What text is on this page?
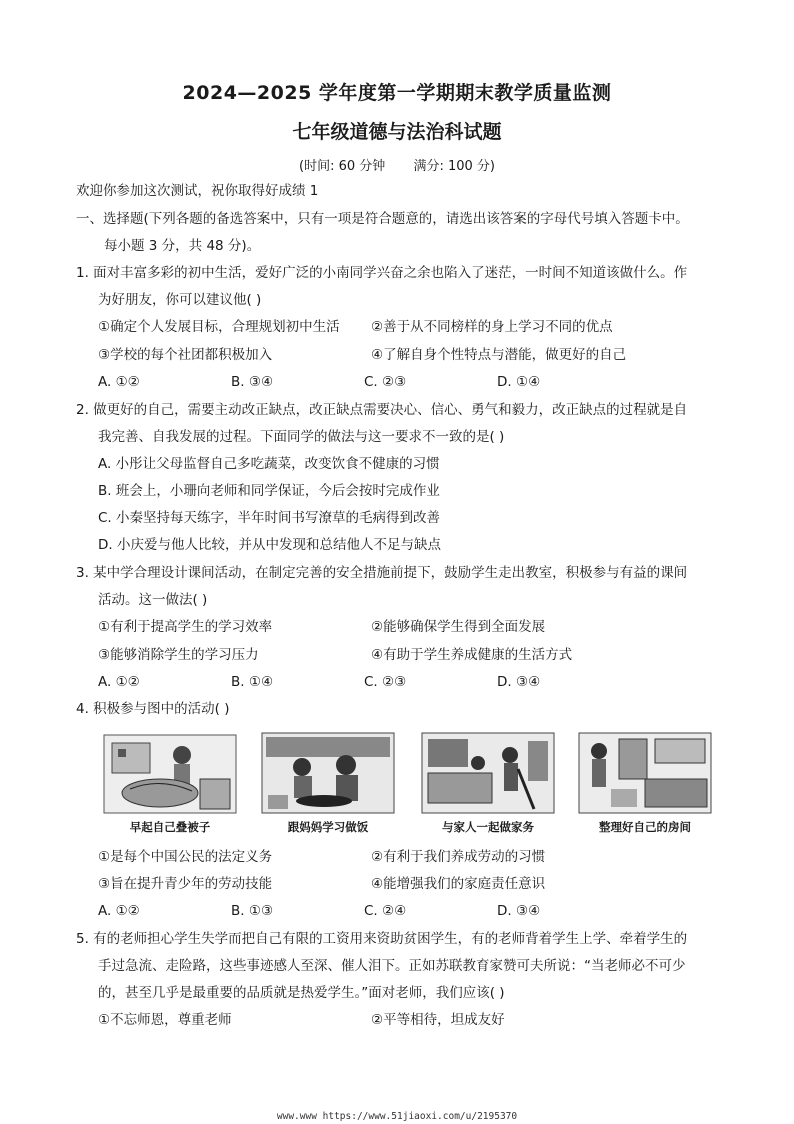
2024—2025 学年度第一学期期末教学质量监测
七年级道德与法治科试题
(时间: 60 分钟 满分: 100 分)
欢迎你参加这次测试，祝你取得好成绩 1
一、选择题(下列各题的备选答案中，只有一项是符合题意的，请选出该答案的字母代号填入答题卡中。
每小题 3 分，共 48 分)。
1. 面对丰富多彩的初中生活，爱好广泛的小南同学兴奋之余也陷入了迷茫，一时间不知道该做什么。作
为好朋友，你可以建议他( )
①确定个人发展目标，合理规划初中生活 ②善于从不同榜样的身上学习不同的优点
③学校的每个社团都积极加入	④了解自身个性特点与潜能，做更好的自己
A. ①②	B. ③④	C. ②③	D. ①④
2. 做更好的自己，需要主动改正缺点，改正缺点需要决心、信心、勇气和毅力，改正缺点的过程就是自
我完善、自我发展的过程。下面同学的做法与这一要求不一致的是( )
A. 小彤让父母监督自己多吃蔬菜，改变饮食不健康的习惯
B. 班会上，小珊向老师和同学保证，今后会按时完成作业
C. 小秦坚持每天练字，半年时间书写潦草的毛病得到改善
D. 小庆爱与他人比较，并从中发现和总结他人不足与缺点
3. 某中学合理设计课间活动，在制定完善的安全措施前提下，鼓励学生走出教室，积极参与有益的课间
活动。这一做法( )
①有利于提高学生的学习效率	②能够确保学生得到全面发展
③能够消除学生的学习压力	④有助于学生养成健康的生活方式
A. ①②	B. ①④	C. ②③	D. ③④
4. 积极参与图中的活动( )
早起自己叠被子	跟妈妈学习做饭	与家人一起做家务	整理好自己的房间
①是每个中国公民的法定义务	②有利于我们养成劳动的习惯
③旨在提升青少年的劳动技能	④能增强我们的家庭责任意识
A. ①②	B. ①③	C. ②④	D. ③④
5. 有的老师担心学生失学而把自己有限的工资用来资助贫困学生，有的老师背着学生上学、牵着学生的
手过急流、走险路，这些事迹感人至深、催人泪下。正如苏联教育家赞可夫所说：“当老师必不可少
的，甚至几乎是最重要的品质就是热爱学生。”面对老师，我们应该( )
①不忘师恩，尊重老师	②平等相待，坦成友好
www.www https://www.51jiaoxi.com/u/2195370
